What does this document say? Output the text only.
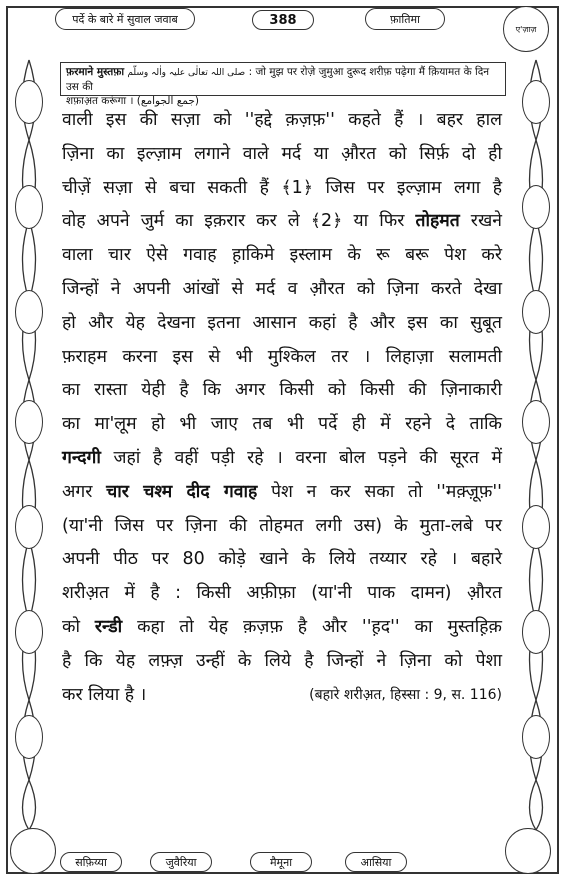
पर्दे के बारे में सुवाल जवाब	388	फ़ातिमा
ए'ज़ाज़
फ़रमाने मुस्तफ़ा صلی اللہ تعالٰی علیہ واٰلہ وسلّم : जो मुझ पर रोज़े जुमुआ दुरूद शरीफ़ पढ़ेगा मैं क़ियामत के दिन उस की
शफ़ाअ़त करूंगा । (جمع الجوامع)
वाली इस की सज़ा को ''हद्दे क़ज़फ़'' कहते हैं । बहर हाल
ज़िना का इल्ज़ाम लगाने वाले मर्द या औ़रत को सिर्फ़ दो ही
चीज़ें सज़ा से बचा सकती हैं ﴾1﴿ जिस पर इल्ज़ाम लगा है
वोह अपने जुर्म का इक़रार कर ले ﴾2﴿ या फिर तोहमत रखने
वाला चार ऐसे गवाह ह़ाकिमे इस्लाम के रू बरू पेश करे
जिन्हों ने अपनी आंखों से मर्द व औ़रत को ज़िना करते देखा
हो और येह देखना इतना आसान कहां है और इस का सुबूत
फ़राहम करना इस से भी मुश्किल तर । लिहाज़ा सलामती
का रास्ता येही है कि अगर किसी को किसी की ज़िनाकारी
का मा'लूम हो भी जाए तब भी पर्दे ही में रहने दे ताकि
गन्दगी जहां है वहीं पड़ी रहे । वरना बोल पड़ने की सूरत में
अगर चार चश्म दीद गवाह पेश न कर सका तो ''मक़्ज़ूफ़''
(या'नी जिस पर ज़िना की तोहमत लगी उस) के मुता-लबे पर
अपनी पीठ पर 80 कोड़े खाने के लिये तय्यार रहे । बहारे
शरीअ़त में है : किसी अफ़ीफ़ा (या'नी पाक दामन) औ़रत
को रन्डी कहा तो येह क़ज़फ़ है और ''ह़द'' का मुस्तह़िक़
है कि येह लफ़्ज़ उन्हीं के लिये है जिन्हों ने ज़िना को पेशा
कर लिया है ।	(बहारे शरीअ़त, हिस्सा : 9, स. 116)
सफ़िय्या	जुवैरिया	मैमूना	आसिया
